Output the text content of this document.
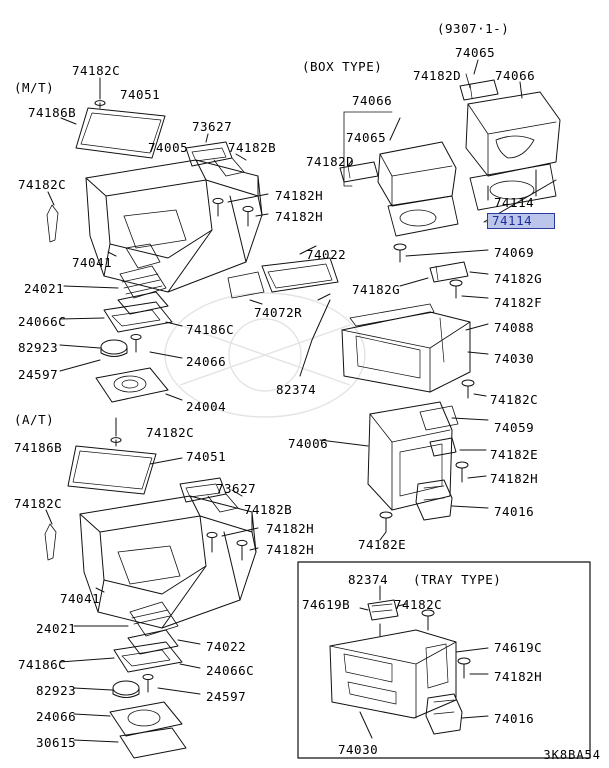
(M/T)
(A/T)
(BOX TYPE)
(9307·1-)
(TRAY TYPE)
74182C
74051
74186B
73627
74005	74182B
74182C
74182H
74182H
74041
74022
24021
24066C
74186C
82923
24066
24597
24004
74072R
82374
74066
74065
74182D
74065
74182D	74066
74114
74114
74069
74182G
74182G
74182F
74088
74030
74182C
74059
74006
74182E
74182H
74016
74182E
74182C
74186B
74051
73627
74182C	74182B
74182H
74182H
74041
24021
74022
74186C	24066C
82923	24597
24066
30615
82374
74619B	74182C
74619C
74182H
74016
74030	3K8BA54
